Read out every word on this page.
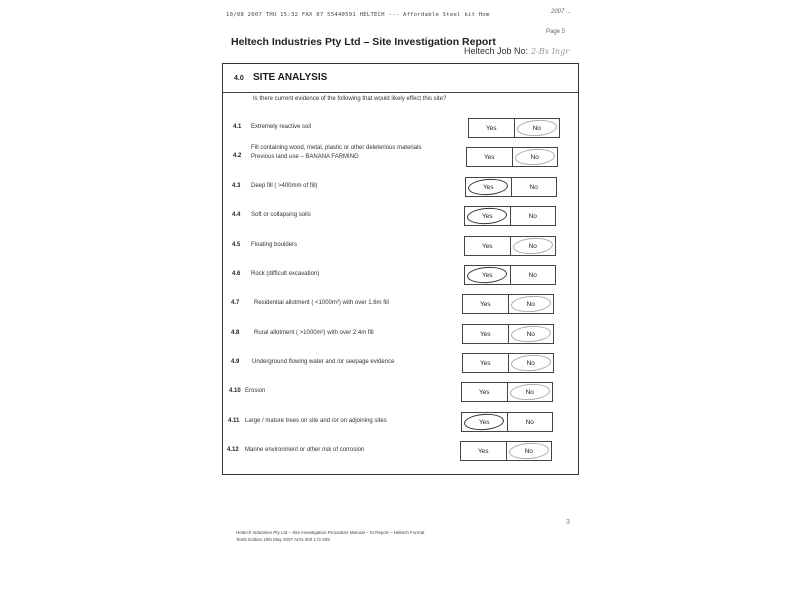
10/08 2007 THU 15:32 FAX 07 55440591 HELTECH --- Affordable Steel kit Hom	2007 ...
Page 5
Heltech Industries Pty Ltd – Site Investigation Report
Heltech Job No: 2-Bx Ingr
4.0 SITE ANALYSIS
Is there current evidence of the following that would likely effect this site?
4.1 Extremely reactive soil	Yes	No
4.2
Fill containing wood, metal, plastic or other deleterious materials
Previous land use – BANANA FARMING	Yes	No
4.3 Deep fill ( >400mm of fill)	Yes	No
4.4 Soft or collapsing soils	Yes	No
4.5 Floating boulders	Yes	No
4.6 Rock (difficult excavation)	Yes	No
4.7 Residential allotment ( <1000m²) with over 1.6m fill	Yes	No
4.8 Rural allotment ( >1000m²) with over 2.4m fill	Yes	No
4.9 Underground flowing water and /or seepage evidence	Yes	No
4.10 Erosion	Yes	No
4.11 Large / mature trees on site and /or on adjoining sites	Yes	No
4.12 Marine environment or other risk of corrosion	Yes	No
Heltech Industries Pty Ltd – Site Investigation Procedure Manual – SI Report – Heltech Format
Tenth Edition 10th May 2007 ACN 000 172 935
3
